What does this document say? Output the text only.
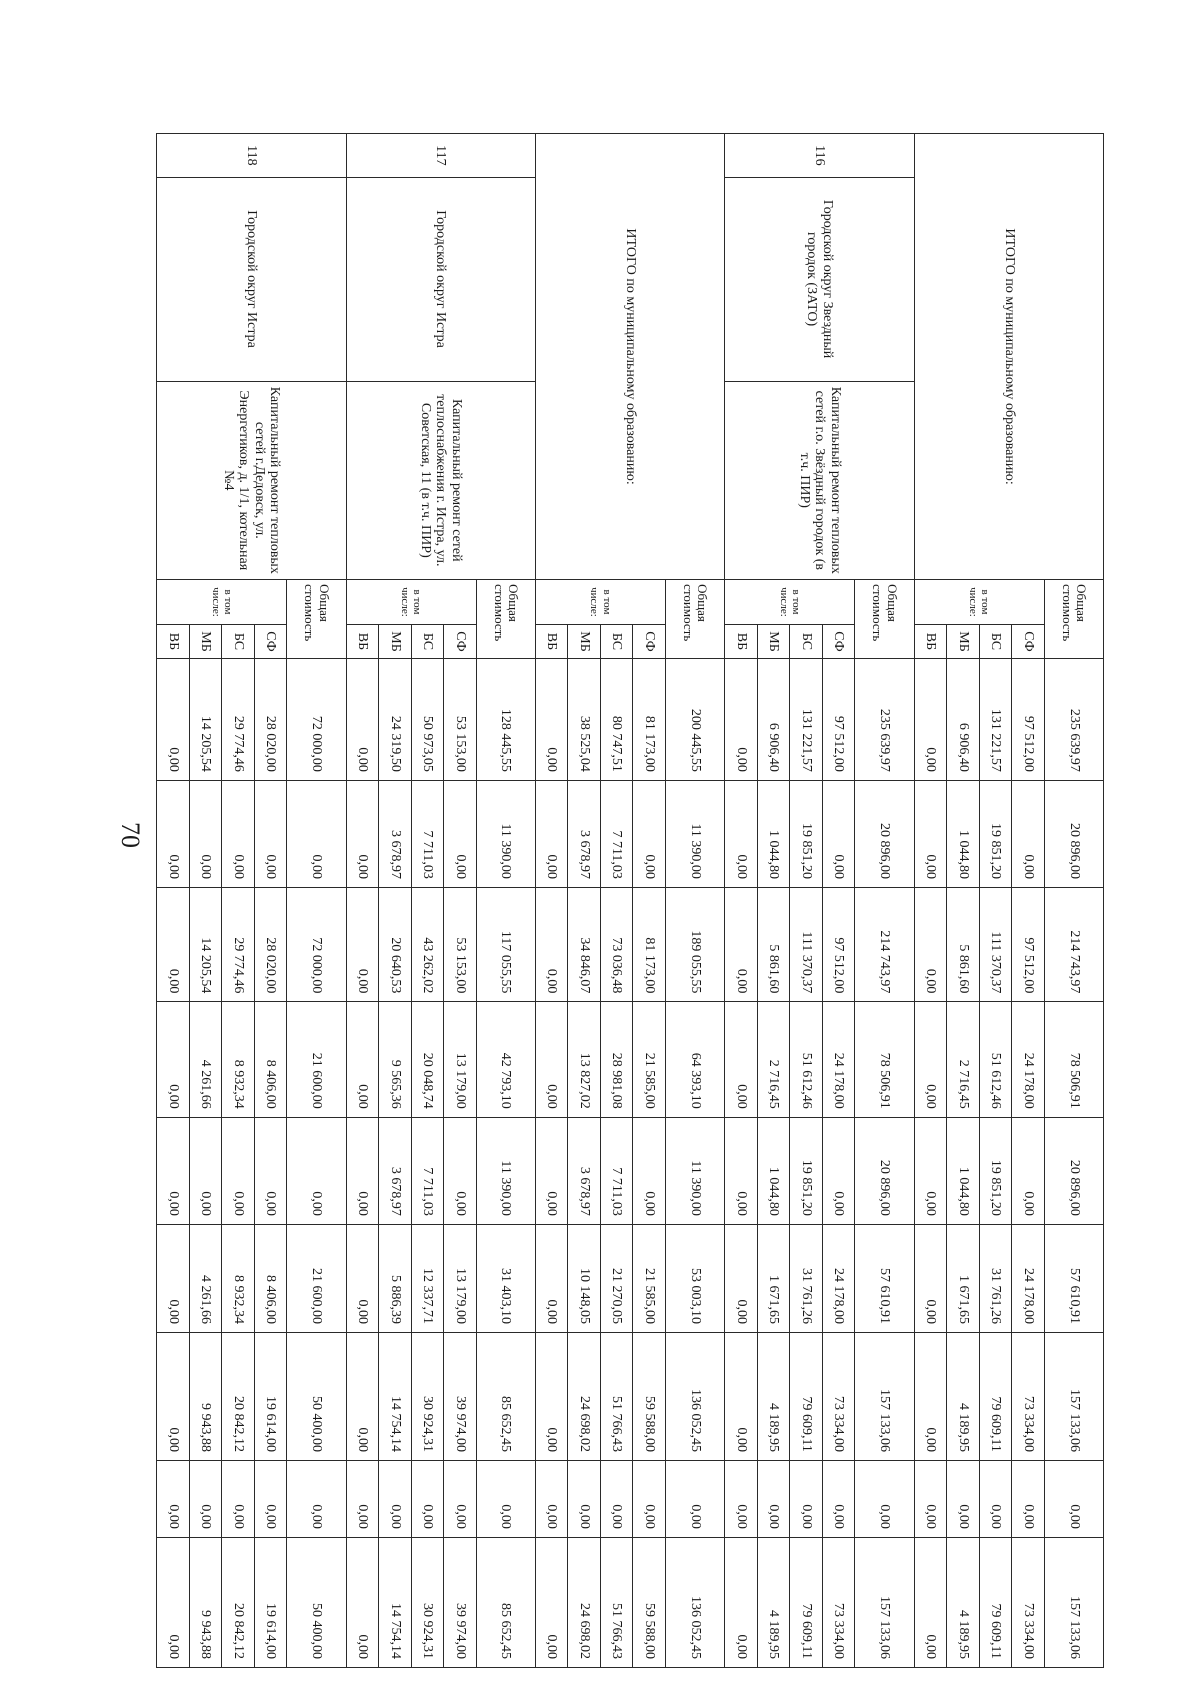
70
ИТОГО по муниципальному образованию:			Общая стоимость		235 639,97	20 896,00	214 743,97	78 506,91	20 896,00	57 610,91	157 133,06	0,00	157 133,06
			в том числе:	СФ	97 512,00	0,00	97 512,00	24 178,00	0,00	24 178,00	73 334,00	0,00	73 334,00
				БС	131 221,57	19 851,20	111 370,37	51 612,46	19 851,20	31 761,26	79 609,11	0,00	79 609,11
				МБ	6 906,40	1 044,80	5 861,60	2 716,45	1 044,80	1 671,65	4 189,95	0,00	4 189,95
				ВБ	0,00	0,00	0,00	0,00	0,00	0,00	0,00	0,00	0,00
116	Городской округ Звездный городок (ЗАТО)	Капитальный ремонт тепловых сетей г.о. Звёздный городок (в т.ч. ПИР)	Общая стоимость		235 639,97	20 896,00	214 743,97	78 506,91	20 896,00	57 610,91	157 133,06	0,00	157 133,06
			в том числе:	СФ	97 512,00	0,00	97 512,00	24 178,00	0,00	24 178,00	73 334,00	0,00	73 334,00
				БС	131 221,57	19 851,20	111 370,37	51 612,46	19 851,20	31 761,26	79 609,11	0,00	79 609,11
				МБ	6 906,40	1 044,80	5 861,60	2 716,45	1 044,80	1 671,65	4 189,95	0,00	4 189,95
				ВБ	0,00	0,00	0,00	0,00	0,00	0,00	0,00	0,00	0,00
ИТОГО по муниципальному образованию:			Общая стоимость		200 445,55	11 390,00	189 055,55	64 393,10	11 390,00	53 003,10	136 052,45	0,00	136 052,45
			в том числе:	СФ	81 173,00	0,00	81 173,00	21 585,00	0,00	21 585,00	59 588,00	0,00	59 588,00
				БС	80 747,51	7 711,03	73 036,48	28 981,08	7 711,03	21 270,05	51 766,43	0,00	51 766,43
				МБ	38 525,04	3 678,97	34 846,07	13 827,02	3 678,97	10 148,05	24 698,02	0,00	24 698,02
				ВБ	0,00	0,00	0,00	0,00	0,00	0,00	0,00	0,00	0,00
117	Городской округ Истра	Капитальный ремонт сетей теплоснабжения г. Истра, ул. Советская, 11 (в т.ч. ПИР)	Общая стоимость		128 445,55	11 390,00	117 055,55	42 793,10	11 390,00	31 403,10	85 652,45	0,00	85 652,45
			в том числе:	СФ	53 153,00	0,00	53 153,00	13 179,00	0,00	13 179,00	39 974,00	0,00	39 974,00
				БС	50 973,05	7 711,03	43 262,02	20 048,74	7 711,03	12 337,71	30 924,31	0,00	30 924,31
				МБ	24 319,50	3 678,97	20 640,53	9 565,36	3 678,97	5 886,39	14 754,14	0,00	14 754,14
				ВБ	0,00	0,00	0,00	0,00	0,00	0,00	0,00	0,00	0,00
118	Городской округ Истра	Капитальный ремонт тепловых сетей г.Дедовск, ул. Энергетиков, д. 1/1, котельная №4	Общая стоимость		72 000,00	0,00	72 000,00	21 600,00	0,00	21 600,00	50 400,00	0,00	50 400,00
			в том числе:	СФ	28 020,00	0,00	28 020,00	8 406,00	0,00	8 406,00	19 614,00	0,00	19 614,00
				БС	29 774,46	0,00	29 774,46	8 932,34	0,00	8 932,34	20 842,12	0,00	20 842,12
				МБ	14 205,54	0,00	14 205,54	4 261,66	0,00	4 261,66	9 943,88	0,00	9 943,88
				ВБ	0,00	0,00	0,00	0,00	0,00	0,00	0,00	0,00	0,00
